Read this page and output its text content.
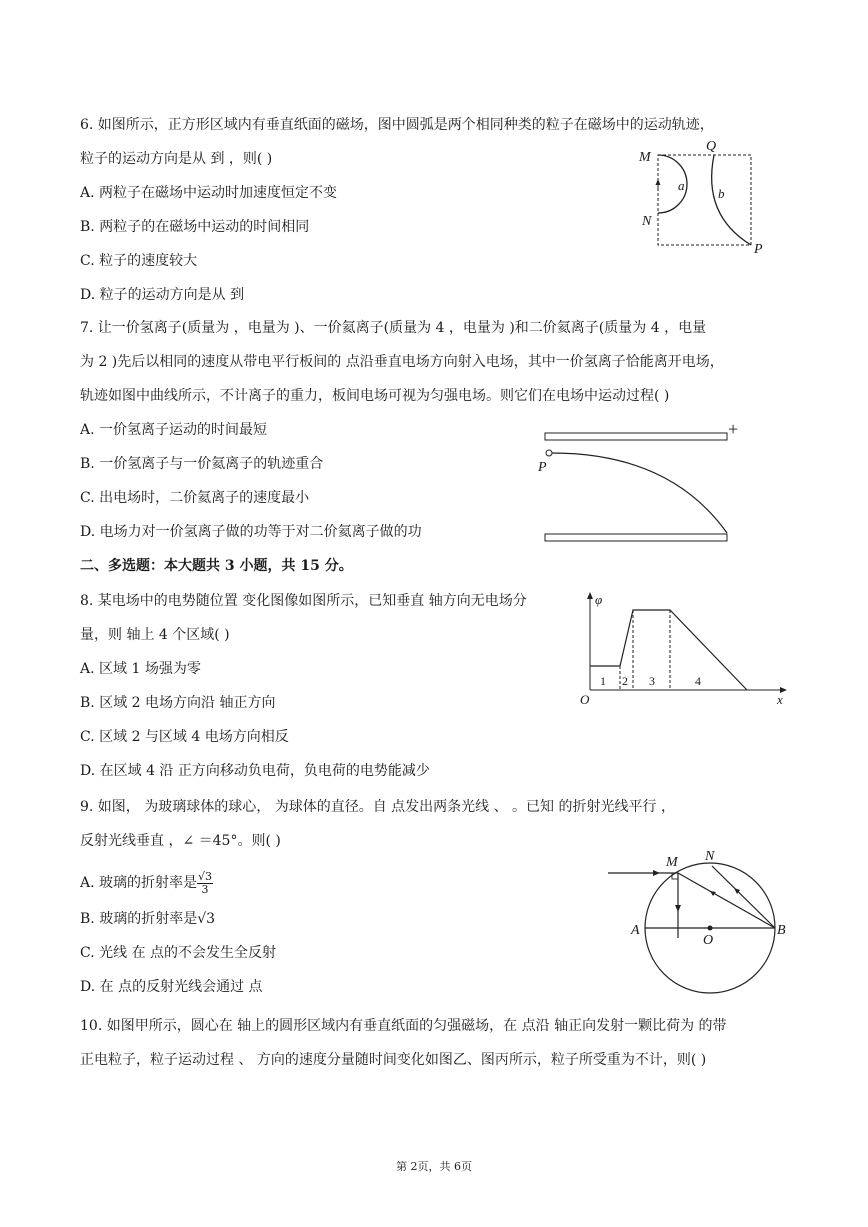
6. 如图所示，正方形区域内有垂直纸面的磁场，图中圆弧是两个相同种类的粒子在磁场中的运动轨迹，
粒子的运动方向是从 到 ，则( )
A. 两粒子在磁场中运动时加速度恒定不变
B. 两粒子的在磁场中运动的时间相同
C. 粒子的速度较大
D. 粒子的运动方向是从 到
M
Q
N
P
a
b
7. 让一价氢离子(质量为 ，电量为 )、一价氦离子(质量为 4 ，电量为 )和二价氦离子(质量为 4 ，电量
为 2 )先后以相同的速度从带电平行板间的 点沿垂直电场方向射入电场，其中一价氢离子恰能离开电场，
轨迹如图中曲线所示，不计离子的重力，板间电场可视为匀强电场。则它们在电场中运动过程( )
A. 一价氢离子运动的时间最短
B. 一价氢离子与一价氦离子的轨迹重合
C. 出电场时，二价氦离子的速度最小
D. 电场力对一价氢离子做的功等于对二价氦离子做的功
+
P
二、多选题：本大题共 3 小题，共 15 分。
8. 某电场中的电势随位置 变化图像如图所示，已知垂直 轴方向无电场分
量，则 轴上 4 个区域( )
A. 区域 1 场强为零
B. 区域 2 电场方向沿 轴正方向
C. 区域 2 与区域 4 电场方向相反
D. 在区域 4 沿 正方向移动负电荷，负电荷的电势能减少
φ
O	x
1 2 3	4
9. 如图， 为玻璃球体的球心， 为球体的直径。自 点发出两条光线 、 。已知 的折射光线平行 ，
反射光线垂直 ，∠ ＝45°。则( )
A. 玻璃的折射率是 $\frac{√3}{3}$
B. 玻璃的折射率是√3
C. 光线 在 点的不会发生全反射
D. 在 点的反射光线会通过 点
M N
A	B
O
10. 如图甲所示，圆心在 轴上的圆形区域内有垂直纸面的匀强磁场，在 点沿 轴正向发射一颗比荷为 的带
正电粒子，粒子运动过程 、 方向的速度分量随时间变化如图乙、图丙所示，粒子所受重为不计，则( )
第 2页，共 6页
